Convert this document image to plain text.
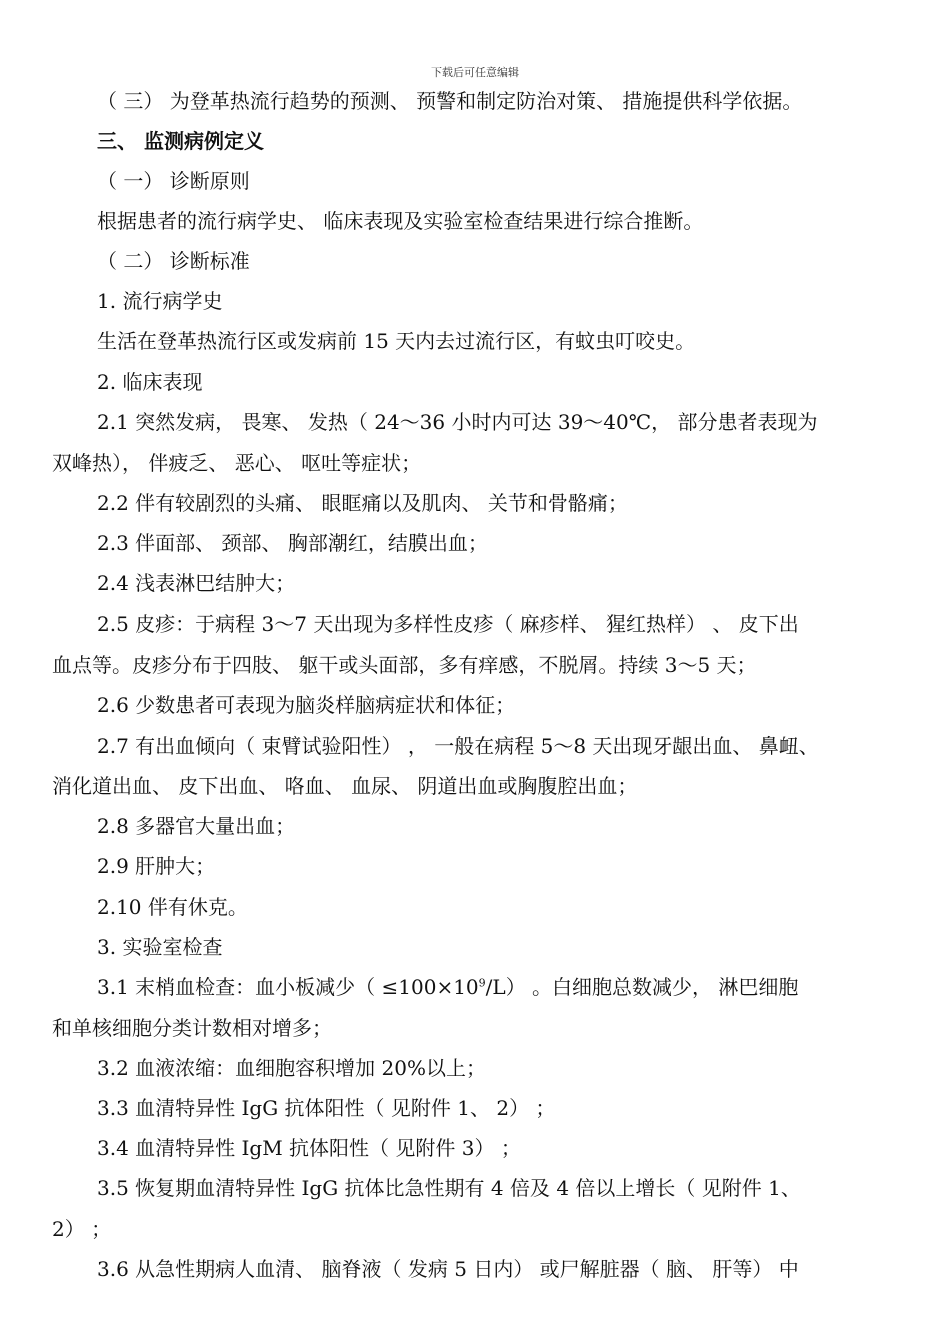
下载后可任意编辑
（ 三） 为登革热流行趋势的预测、 预警和制定防治对策、 措施提供科学依据。
三、 监测病例定义
（ 一） 诊断原则
根据患者的流行病学史、 临床表现及实验室检查结果进行综合推断。
（ 二） 诊断标准
1. 流行病学史
生活在登革热流行区或发病前 15 天内去过流行区，有蚊虫叮咬史。
2. 临床表现
2.1 突然发病， 畏寒、 发热（ 24～36 小时内可达 39～40℃， 部分患者表现为
双峰热）， 伴疲乏、 恶心、 呕吐等症状；
2.2 伴有较剧烈的头痛、 眼眶痛以及肌肉、 关节和骨骼痛；
2.3 伴面部、 颈部、 胸部潮红，结膜出血；
2.4 浅表淋巴结肿大；
2.5 皮疹：于病程 3～7 天出现为多样性皮疹（ 麻疹样、 猩红热样） 、 皮下出
血点等。皮疹分布于四肢、 躯干或头面部，多有痒感，不脱屑。持续 3～5 天；
2.6 少数患者可表现为脑炎样脑病症状和体征；
2.7 有出血倾向（ 束臂试验阳性） ， 一般在病程 5～8 天出现牙龈出血、 鼻衄、
消化道出血、 皮下出血、 咯血、 血尿、 阴道出血或胸腹腔出血；
2.8 多器官大量出血；
2.9 肝肿大；
2.10 伴有休克。
3. 实验室检查
3.1 末梢血检查：血小板减少（ $\le 100\times 10^9/L$） 。白细胞总数减少， 淋巴细胞
和单核细胞分类计数相对增多；
3.2 血液浓缩：血细胞容积增加 20%以上；
3.3 血清特异性 IgG 抗体阳性（ 见附件 1、 2） ；
3.4 血清特异性 IgM 抗体阳性（ 见附件 3） ；
3.5 恢复期血清特异性 IgG 抗体比急性期有 4 倍及 4 倍以上增长（ 见附件 1、
2） ；
3.6 从急性期病人血清、 脑脊液（ 发病 5 日内） 或尸解脏器（ 脑、 肝等） 中
